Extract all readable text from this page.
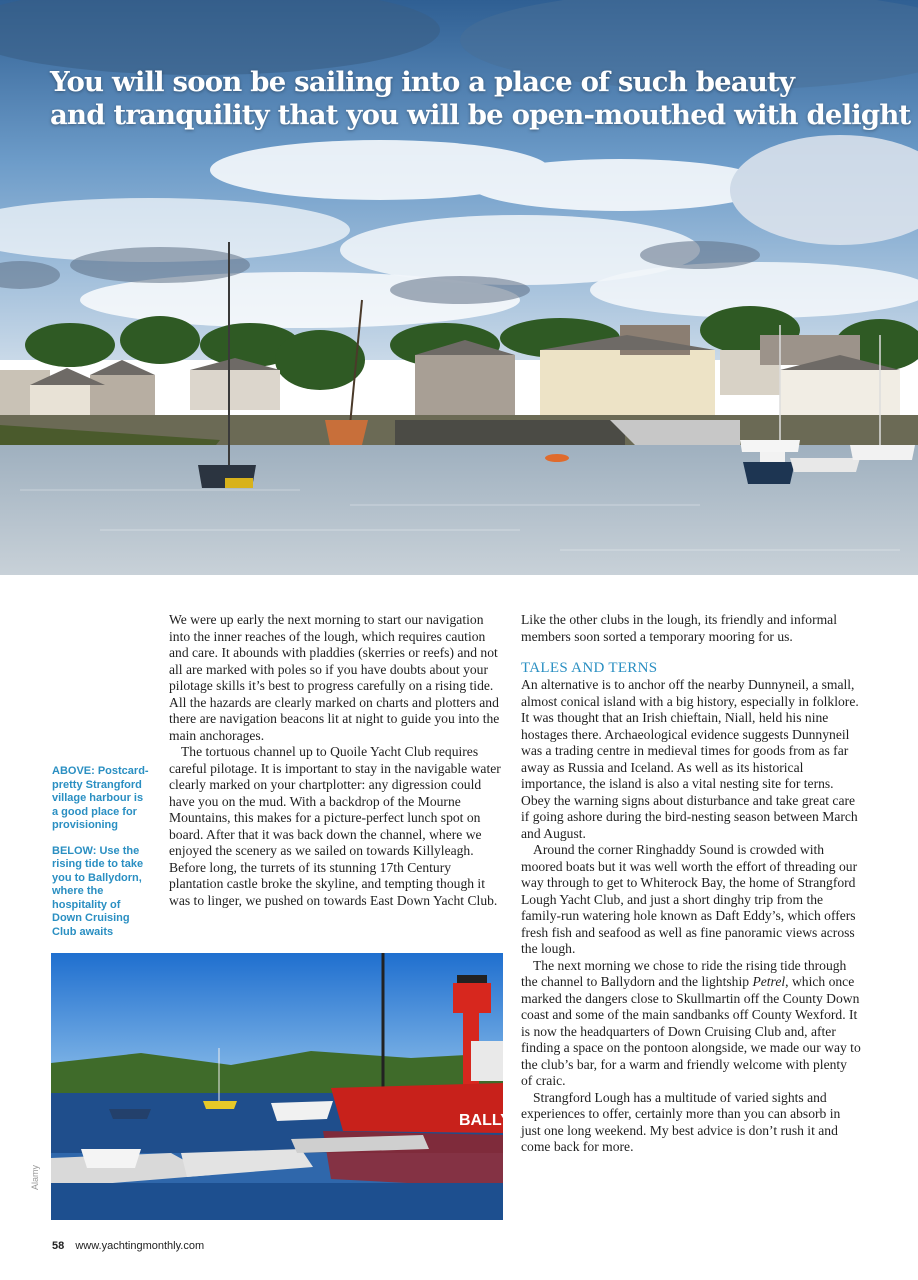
You will soon be sailing into a place of such beauty
and tranquility that you will be open-mouthed with delight

ABOVE: Postcard-pretty Strangford village harbour is a good place for provisioning

BELOW: Use the rising tide to take you to Ballydorn, where the hospitality of Down Cruising Club awaits

We were up early the next morning to start our navigation into the inner reaches of the lough, which requires caution and care. It abounds with pladdies (skerries or reefs) and not all are marked with poles so if you have doubts about your pilotage skills it’s best to progress carefully on a rising tide. All the hazards are clearly marked on charts and plotters and there are navigation beacons lit at night to guide you into the main anchorages.

The tortuous channel up to Quoile Yacht Club requires careful pilotage. It is important to stay in the navigable water clearly marked on your chartplotter: any digression could have you on the mud. With a backdrop of the Mourne Mountains, this makes for a picture-perfect lunch spot on board. After that it was back down the channel, where we enjoyed the scenery as we sailed on towards Killyleagh. Before long, the turrets of its stunning 17th Century plantation castle broke the skyline, and tempting though it was to linger, we pushed on towards East Down Yacht Club.

Like the other clubs in the lough, its friendly and informal members soon sorted a temporary mooring for us.

TALES AND TERNS

An alternative is to anchor off the nearby Dunnyneil, a small, almost conical island with a big history, especially in folklore. It was thought that an Irish chieftain, Niall, held his nine hostages there. Archaeological evidence suggests Dunnyneil was a trading centre in medieval times for goods from as far away as Russia and Iceland. As well as its historical importance, the island is also a vital nesting site for terns. Obey the warning signs about disturbance and take great care if going ashore during the bird-nesting season between March and August.

Around the corner Ringhaddy Sound is crowded with moored boats but it was well worth the effort of threading our way through to get to Whiterock Bay, the home of Strangford Lough Yacht Club, and just a short dinghy trip from the family-run watering hole known as Daft Eddy’s, which offers fresh fish and seafood as well as fine panoramic views across the lough.

The next morning we chose to ride the rising tide through the channel to Ballydorn and the lightship Petrel, which once marked the dangers close to Skullmartin off the County Down coast and some of the main sandbanks off County Wexford. It is now the headquarters of Down Cruising Club and, after finding a space on the pontoon alongside, we made our way to the club’s bar, for a warm and friendly welcome with plenty of craic.

Strangford Lough has a multitude of varied sights and experiences to offer, certainly more than you can absorb in just one long weekend. My best advice is don’t rush it and come back for more.

BALLYD
Alamy
58 www.yachtingmonthly.com
